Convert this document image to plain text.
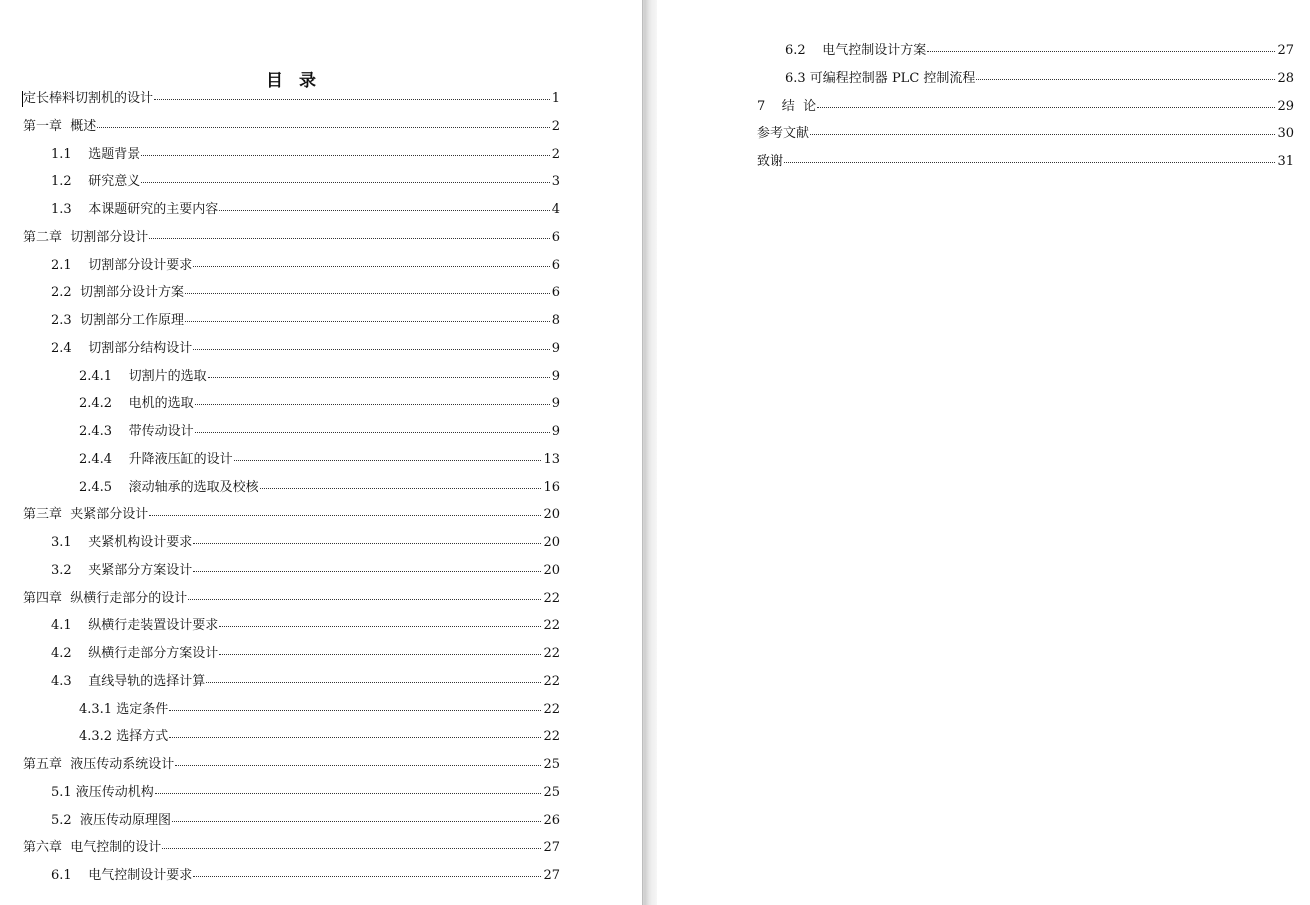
目 录
定长棒料切割机的设计	1
第一章  概述	2
1.1    选题背景	2
1.2    研究意义	3
1.3    本课题研究的主要内容	4
第二章  切割部分设计	6
2.1    切割部分设计要求	6
2.2  切割部分设计方案	6
2.3  切割部分工作原理	8
2.4    切割部分结构设计	9
2.4.1    切割片的选取	9
2.4.2    电机的选取	9
2.4.3    带传动设计	9
2.4.4    升降液压缸的设计	13
2.4.5    滚动轴承的选取及校核	16
第三章  夹紧部分设计	20
3.1    夹紧机构设计要求	20
3.2    夹紧部分方案设计	20
第四章  纵横行走部分的设计	22
4.1    纵横行走装置设计要求	22
4.2    纵横行走部分方案设计	22
4.3    直线导轨的选择计算	22
4.3.1 选定条件	22
4.3.2 选择方式	22
第五章  液压传动系统设计	25
5.1 液压传动机构	25
5.2  液压传动原理图	26
第六章  电气控制的设计	27
6.1    电气控制设计要求	27
6.2    电气控制设计方案	27
6.3 可编程控制器 PLC 控制流程	28
7    结  论	29
参考文献	30
致谢	31
